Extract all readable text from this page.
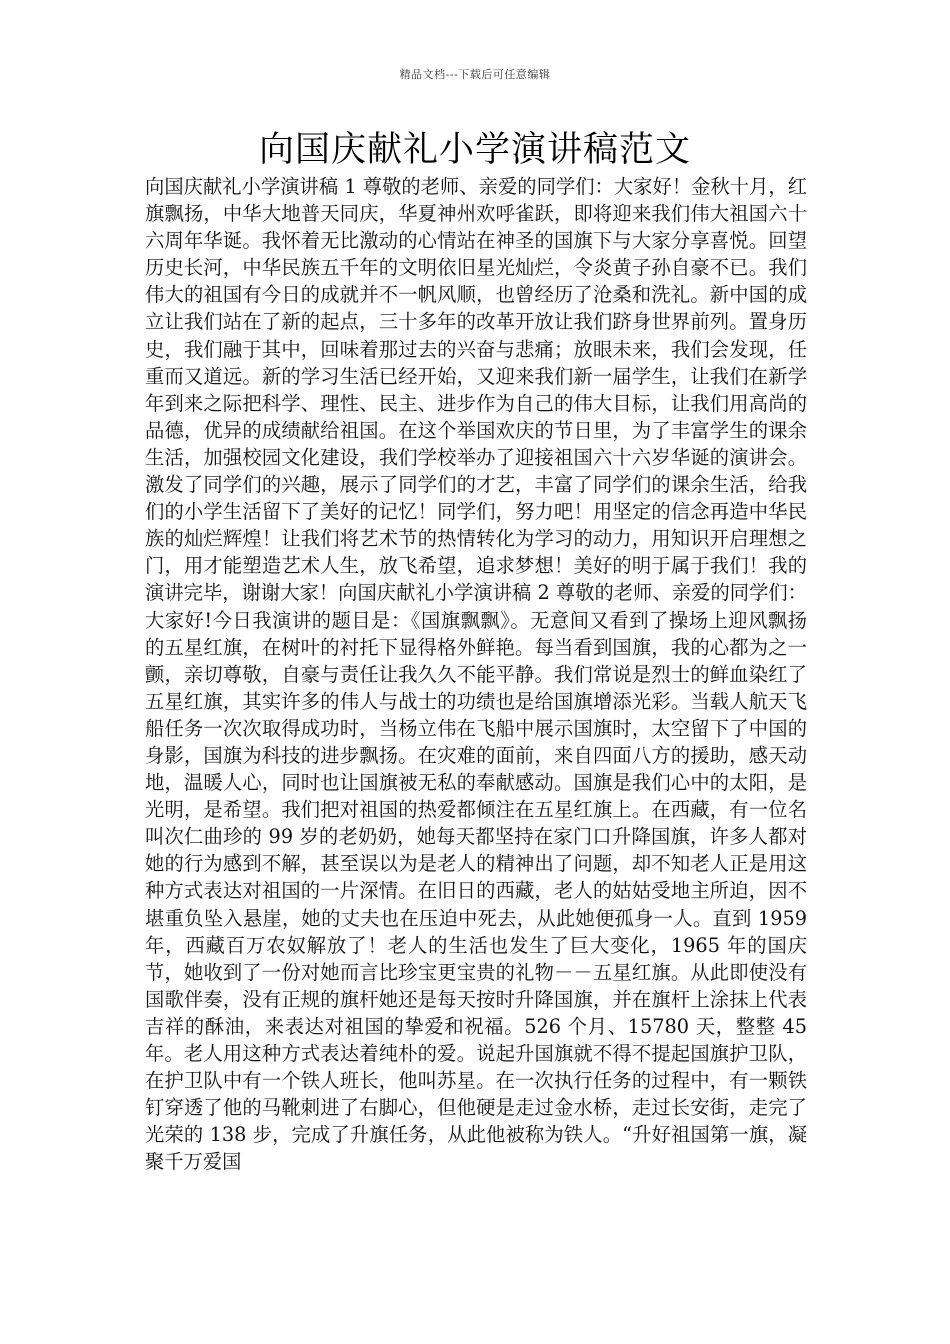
精品文档---下载后可任意编辑
向国庆献礼小学演讲稿范文

向国庆献礼小学演讲稿 1 尊敬的老师、亲爱的同学们：大家好！金秋十月，红旗飘扬，中华大地普天同庆，华夏神州欢呼雀跃，即将迎来我们伟大祖国六十六周年华诞。我怀着无比激动的心情站在神圣的国旗下与大家分享喜悦。回望历史长河，中华民族五千年的文明依旧星光灿烂，令炎黄子孙自豪不已。我们伟大的祖国有今日的成就并不一帆风顺，也曾经历了沧桑和洗礼。新中国的成立让我们站在了新的起点，三十多年的改革开放让我们跻身世界前列。置身历史，我们融于其中，回味着那过去的兴奋与悲痛；放眼未来，我们会发现，任重而又道远。新的学习生活已经开始，又迎来我们新一届学生，让我们在新学年到来之际把科学、理性、民主、进步作为自己的伟大目标，让我们用高尚的品德，优异的成绩献给祖国。在这个举国欢庆的节日里，为了丰富学生的课余生活，加强校园文化建设，我们学校举办了迎接祖国六十六岁华诞的演讲会。激发了同学们的兴趣，展示了同学们的才艺，丰富了同学们的课余生活，给我们的小学生活留下了美好的记忆！同学们，努力吧！用坚定的信念再造中华民族的灿烂辉煌！让我们将艺术节的热情转化为学习的动力，用知识开启理想之门，用才能塑造艺术人生，放飞希望，追求梦想！美好的明于属于我们！我的演讲完毕，谢谢大家！向国庆献礼小学演讲稿 2 尊敬的老师、亲爱的同学们：大家好!今日我演讲的题目是：《国旗飘飘》。无意间又看到了操场上迎风飘扬的五星红旗，在树叶的衬托下显得格外鲜艳。每当看到国旗，我的心都为之一颤，亲切尊敬，自豪与责任让我久久不能平静。我们常说是烈士的鲜血染红了五星红旗，其实许多的伟人与战士的功绩也是给国旗增添光彩。当载人航天飞船任务一次次取得成功时，当杨立伟在飞船中展示国旗时，太空留下了中国的身影，国旗为科技的进步飘扬。在灾难的面前，来自四面八方的援助，感天动地，温暖人心，同时也让国旗被无私的奉献感动。国旗是我们心中的太阳，是光明，是希望。我们把对祖国的热爱都倾注在五星红旗上。在西藏，有一位名叫次仁曲珍的 99 岁的老奶奶，她每天都坚持在家门口升降国旗，许多人都对她的行为感到不解，甚至误以为是老人的精神出了问题，却不知老人正是用这种方式表达对祖国的一片深情。在旧日的西藏，老人的姑姑受地主所迫，因不堪重负坠入悬崖，她的丈夫也在压迫中死去，从此她便孤身一人。直到 1959 年，西藏百万农奴解放了！老人的生活也发生了巨大变化，1965 年的国庆节，她收到了一份对她而言比珍宝更宝贵的礼物－－五星红旗。从此即使没有国歌伴奏，没有正规的旗杆她还是每天按时升降国旗，并在旗杆上涂抹上代表吉祥的酥油，来表达对祖国的挚爱和祝福。526 个月、15780 天，整整 45 年。老人用这种方式表达着纯朴的爱。说起升国旗就不得不提起国旗护卫队，在护卫队中有一个铁人班长，他叫苏星。在一次执行任务的过程中，有一颗铁钉穿透了他的马靴刺进了右脚心，但他硬是走过金水桥，走过长安街，走完了光荣的 138 步，完成了升旗任务，从此他被称为铁人。“升好祖国第一旗，凝聚千万爱国
